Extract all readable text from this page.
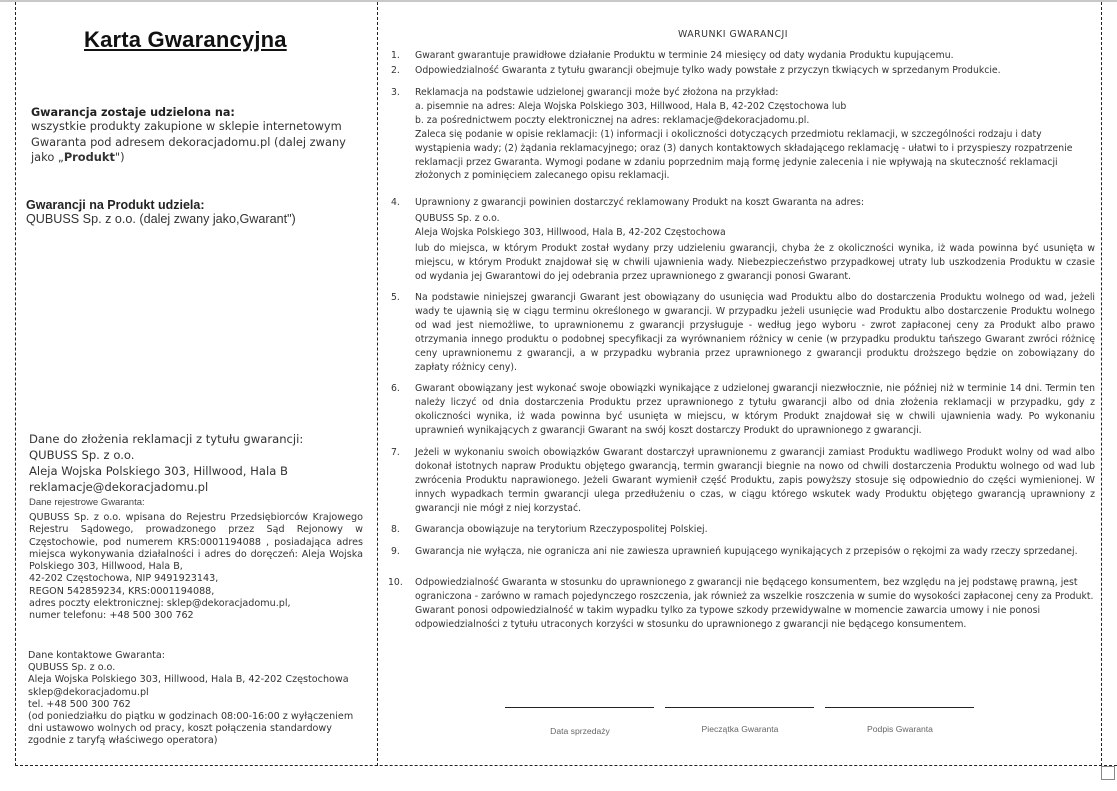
Karta Gwarancyjna
Gwarancja zostaje udzielona na:
wszystkie produkty zakupione w sklepie internetowym Gwaranta pod adresem dekoracjadomu.pl (dalej zwany jako „Produkt")
Gwarancji na Produkt udziela:
QUBUSS Sp. z o.o. (dalej zwany jako,Gwarant")
Dane do złożenia reklamacji z tytułu gwarancji:
QUBUSS Sp. z o.o.
Aleja Wojska Polskiego 303, Hillwood, Hala B
reklamacje@dekoracjadomu.pl
Dane rejestrowe Gwaranta:
QUBUSS Sp. z o.o. wpisana do Rejestru Przedsiębiorców Krajowego Rejestru Sądowego, prowadzonego przez Sąd Rejonowy w Częstochowie, pod numerem KRS:0001194088 , posiadająca adres miejsca wykonywania działalności i adres do doręczeń: Aleja Wojska Polskiego 303, Hillwood, Hala B,
42-202 Częstochowa, NIP 9491923143,
REGON 542859234, KRS:0001194088,
adres poczty elektronicznej: sklep@dekoracjadomu.pl,
numer telefonu: +48 500 300 762
Dane kontaktowe Gwaranta:
QUBUSS Sp. z o.o.
Aleja Wojska Polskiego 303, Hillwood, Hala B, 42-202 Częstochowa
sklep@dekoracjadomu.pl
tel. +48 500 300 762
(od poniedziałku do piątku w godzinach 08:00-16:00 z wyłączeniem dni ustawowo wolnych od pracy, koszt połączenia standardowy zgodnie z taryfą właściwego operatora)
WARUNKI GWARANCJI
1.	Gwarant gwarantuje prawidłowe działanie Produktu w terminie 24 miesięcy od daty wydania Produktu kupującemu.
2.	Odpowiedzialność Gwaranta z tytułu gwarancji obejmuje tylko wady powstałe z przyczyn tkwiących w sprzedanym Produkcie.
3.	Reklamacja na podstawie udzielonej gwarancji może być złożona na przykład:
a. pisemnie na adres: Aleja Wojska Polskiego 303, Hillwood, Hala B, 42-202 Częstochowa lub
b. za pośrednictwem poczty elektronicznej na adres: reklamacje@dekoracjadomu.pl.
Zaleca się podanie w opisie reklamacji: (1) informacji i okoliczności dotyczących przedmiotu reklamacji, w szczególności rodzaju i daty wystąpienia wady; (2) żądania reklamacyjnego; oraz (3) danych kontaktowych składającego reklamację - ułatwi to i przyspieszy rozpatrzenie reklamacji przez Gwaranta. Wymogi podane w zdaniu poprzednim mają formę jedynie zalecenia i nie wpływają na skuteczność reklamacji złożonych z pominięciem zalecanego opisu reklamacji.
4.	Uprawniony z gwarancji powinien dostarczyć reklamowany Produkt na koszt Gwaranta na adres:
QUBUSS Sp. z o.o.
Aleja Wojska Polskiego 303, Hillwood, Hala B, 42-202 Częstochowa
lub do miejsca, w którym Produkt został wydany przy udzieleniu gwarancji, chyba że z okoliczności wynika, iż wada powinna być usunięta w miejscu, w którym Produkt znajdował się w chwili ujawnienia wady. Niebezpieczeństwo przypadkowej utraty lub uszkodzenia Produktu w czasie od wydania jej Gwarantowi do jej odebrania przez uprawnionego z gwarancji ponosi Gwarant.
5.	Na podstawie niniejszej gwarancji Gwarant jest obowiązany do usunięcia wad Produktu albo do dostarczenia Produktu wolnego od wad, jeżeli wady te ujawnią się w ciągu terminu określonego w gwarancji. W przypadku jeżeli usunięcie wad Produktu albo dostarczenie Produktu wolnego od wad jest niemożliwe, to uprawnionemu z gwarancji przysługuje - według jego wyboru - zwrot zapłaconej ceny za Produkt albo prawo otrzymania innego produktu o podobnej specyfikacji za wyrównaniem różnicy w cenie (w przypadku produktu tańszego Gwarant zwróci różnicę ceny uprawnionemu z gwarancji, a w przypadku wybrania przez uprawnionego z gwarancji produktu droższego będzie on zobowiązany do zapłaty różnicy ceny).
6.	Gwarant obowiązany jest wykonać swoje obowiązki wynikające z udzielonej gwarancji niezwłocznie, nie później niż w terminie 14 dni. Termin ten należy liczyć od dnia dostarczenia Produktu przez uprawnionego z tytułu gwarancji albo od dnia złożenia reklamacji w przypadku, gdy z okoliczności wynika, iż wada powinna być usunięta w miejscu, w którym Produkt znajdował się w chwili ujawnienia wady. Po wykonaniu uprawnień wynikających z gwarancji Gwarant na swój koszt dostarczy Produkt do uprawnionego z gwarancji.
7.	Jeżeli w wykonaniu swoich obowiązków Gwarant dostarczył uprawnionemu z gwarancji zamiast Produktu wadliwego Produkt wolny od wad albo dokonał istotnych napraw Produktu objętego gwarancją, termin gwarancji biegnie na nowo od chwili dostarczenia Produktu wolnego od wad lub zwrócenia Produktu naprawionego. Jeżeli Gwarant wymienił część Produktu, zapis powyższy stosuje się odpowiednio do części wymienionej. W innych wypadkach termin gwarancji ulega przedłużeniu o czas, w ciągu którego wskutek wady Produktu objętego gwarancją uprawniony z gwarancji nie mógł z niej korzystać.
8.	Gwarancja obowiązuje na terytorium Rzeczypospolitej Polskiej.
9.	Gwarancja nie wyłącza, nie ogranicza ani nie zawiesza uprawnień kupującego wynikających z przepisów o rękojmi za wady rzeczy sprzedanej.
10.	Odpowiedzialność Gwaranta w stosunku do uprawnionego z gwarancji nie będącego konsumentem, bez względu na jej podstawę prawną, jest ograniczona - zarówno w ramach pojedynczego roszczenia, jak również za wszelkie roszczenia w sumie do wysokości zapłaconej ceny za Produkt. Gwarant ponosi odpowiedzialność w takim wypadku tylko za typowe szkody przewidywalne w momencie zawarcia umowy i nie ponosi odpowiedzialności z tytułu utraconych korzyści w stosunku do uprawnionego z gwarancji nie będącego konsumentem.
Data sprzedaży	Pieczątka Gwaranta	Podpis Gwaranta
